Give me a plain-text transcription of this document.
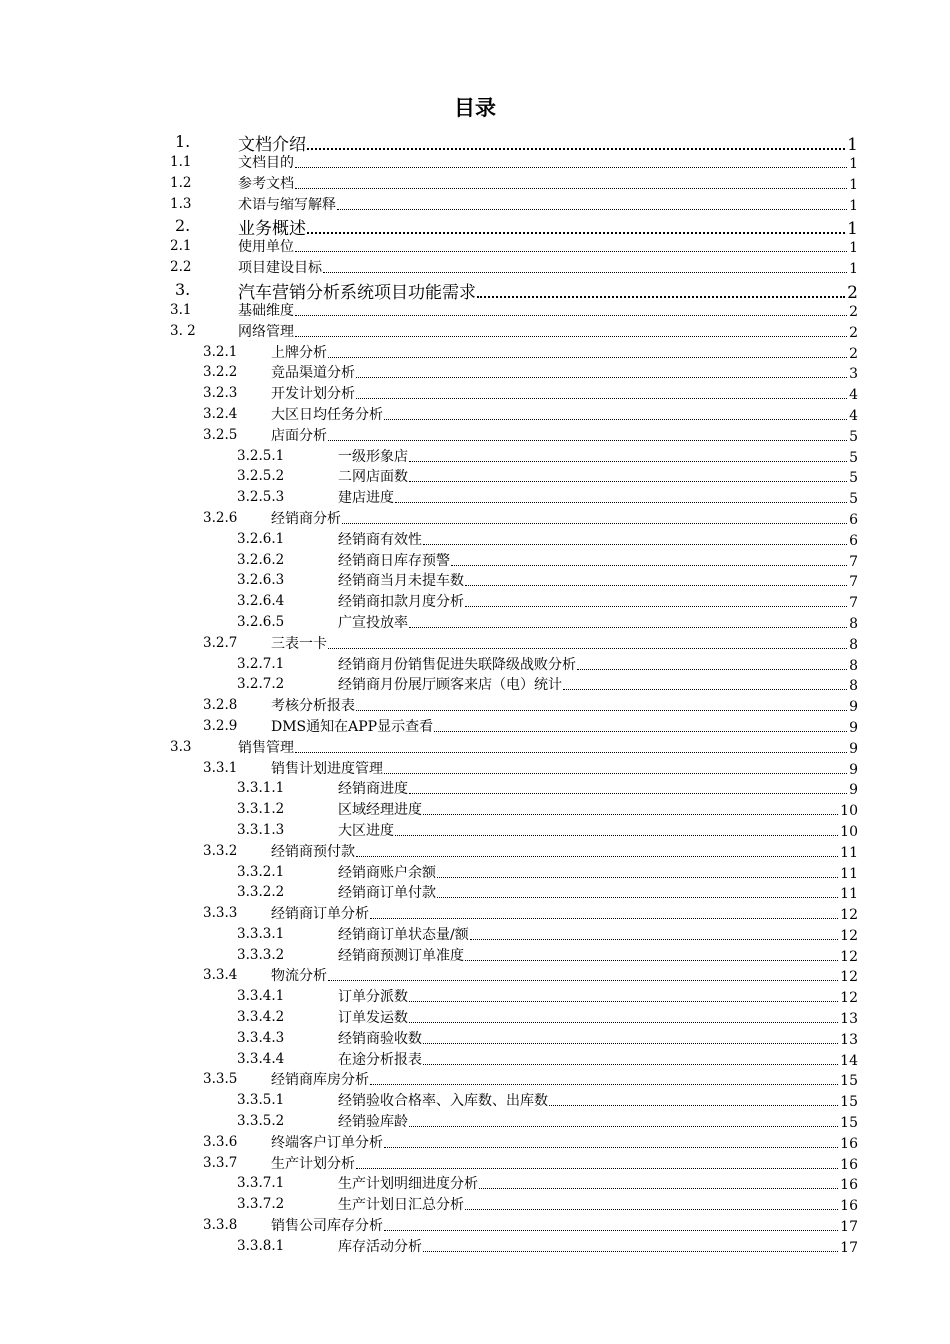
目录
1.	文档介绍	1
1.1	文档目的	1
1.2	参考文档	1
1.3	术语与缩写解释	1
2.	业务概述	1
2.1	使用单位	1
2.2	项目建设目标	1
3.	汽车营销分析系统项目功能需求	2
3.1	基础维度	2
3. 2	网络管理	2
3.2.1 上牌分析	2
3.2.2 竞品渠道分析	3
3.2.3 开发计划分析	4
3.2.4 大区日均任务分析	4
3.2.5 店面分析	5
3.2.5.1	一级形象店	5
3.2.5.2	二网店面数	5
3.2.5.3	建店进度	5
3.2.6 经销商分析	6
3.2.6.1	经销商有效性	6
3.2.6.2	经销商日库存预警	7
3.2.6.3	经销商当月未提车数	7
3.2.6.4	经销商扣款月度分析	7
3.2.6.5	广宣投放率	8
3.2.7 三表一卡	8
3.2.7.1	经销商月份销售促进失联降级战败分析	8
3.2.7.2	经销商月份展厅顾客来店（电）统计	8
3.2.8 考核分析报表	9
3.2.9 DMS通知在APP显示查看	9
3.3	销售管理	9
3.3.1 销售计划进度管理	9
3.3.1.1	经销商进度	9
3.3.1.2	区域经理进度	10
3.3.1.3	大区进度	10
3.3.2 经销商预付款	11
3.3.2.1	经销商账户余额	11
3.3.2.2	经销商订单付款	11
3.3.3 经销商订单分析	12
3.3.3.1	经销商订单状态量/额	12
3.3.3.2	经销商预测订单准度	12
3.3.4 物流分析	12
3.3.4.1	订单分派数	12
3.3.4.2	订单发运数	13
3.3.4.3	经销商验收数	13
3.3.4.4	在途分析报表	14
3.3.5 经销商库房分析	15
3.3.5.1	经销验收合格率、入库数、出库数	15
3.3.5.2	经销验库龄	15
3.3.6 终端客户订单分析	16
3.3.7 生产计划分析	16
3.3.7.1	生产计划明细进度分析	16
3.3.7.2	生产计划日汇总分析	16
3.3.8 销售公司库存分析	17
3.3.8.1	库存活动分析	17
